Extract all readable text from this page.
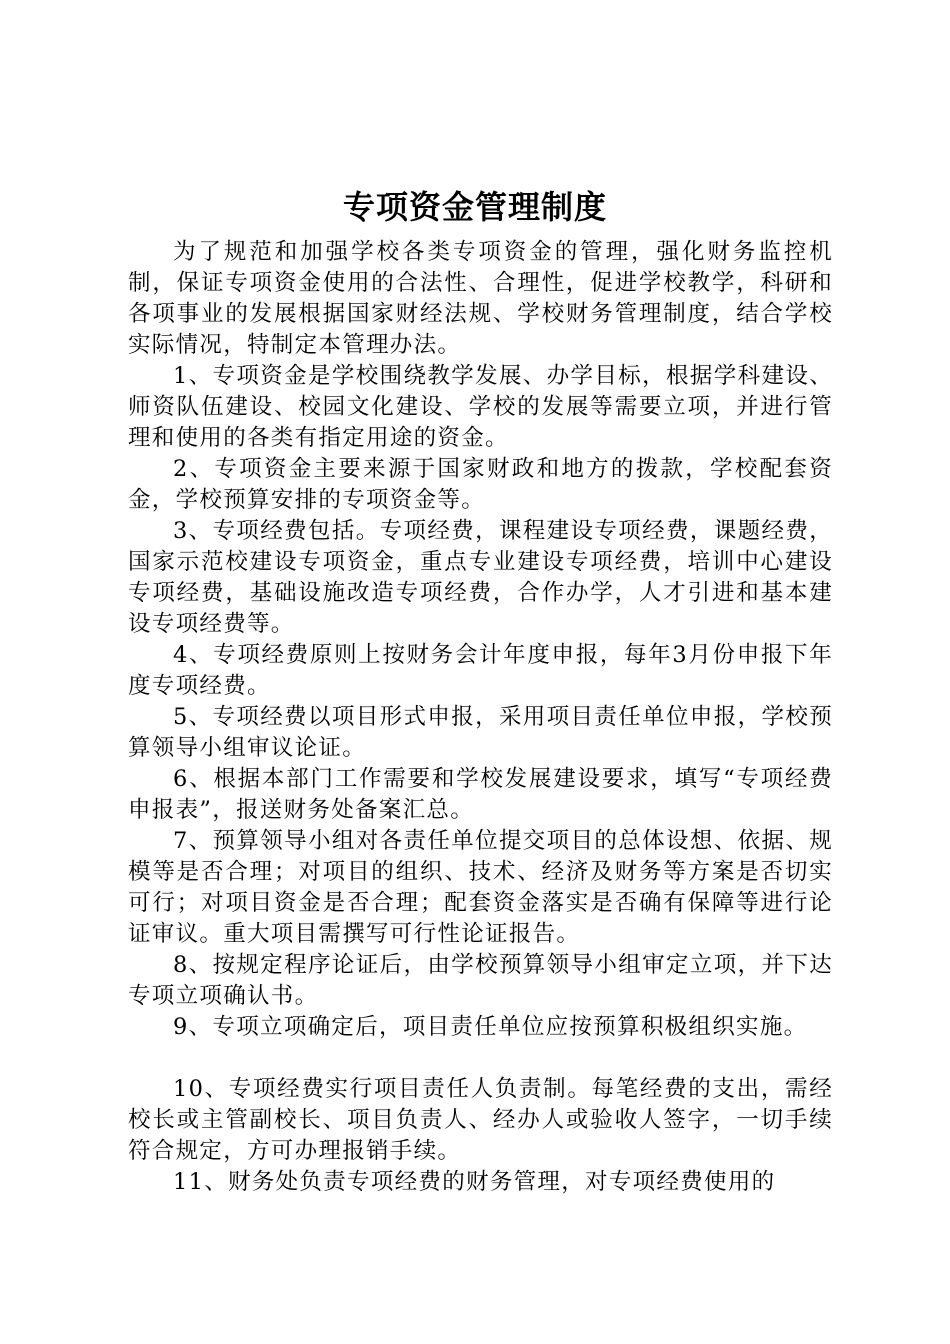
专项资金管理制度

为了规范和加强学校各类专项资金的管理，强化财务监控机制，保证专项资金使用的合法性、合理性，促进学校教学，科研和各项事业的发展根据国家财经法规、学校财务管理制度，结合学校实际情况，特制定本管理办法。

1、专项资金是学校围绕教学发展、办学目标，根据学科建设、师资队伍建设、校园文化建设、学校的发展等需要立项，并进行管理和使用的各类有指定用途的资金。

2、专项资金主要来源于国家财政和地方的拨款，学校配套资金，学校预算安排的专项资金等。

3、专项经费包括。专项经费，课程建设专项经费，课题经费，国家示范校建设专项资金，重点专业建设专项经费，培训中心建设专项经费，基础设施改造专项经费，合作办学，人才引进和基本建设专项经费等。

4、专项经费原则上按财务会计年度申报，每年3月份申报下年度专项经费。

5、专项经费以项目形式申报，采用项目责任单位申报，学校预算领导小组审议论证。

6、根据本部门工作需要和学校发展建设要求，填写“专项经费申报表”，报送财务处备案汇总。

7、预算领导小组对各责任单位提交项目的总体设想、依据、规模等是否合理；对项目的组织、技术、经济及财务等方案是否切实可行；对项目资金是否合理；配套资金落实是否确有保障等进行论证审议。重大项目需撰写可行性论证报告。

8、按规定程序论证后，由学校预算领导小组审定立项，并下达专项立项确认书。

9、专项立项确定后，项目责任单位应按预算积极组织实施。

10、专项经费实行项目责任人负责制。每笔经费的支出，需经校长或主管副校长、项目负责人、经办人或验收人签字，一切手续符合规定，方可办理报销手续。

11、财务处负责专项经费的财务管理，对专项经费使用的
